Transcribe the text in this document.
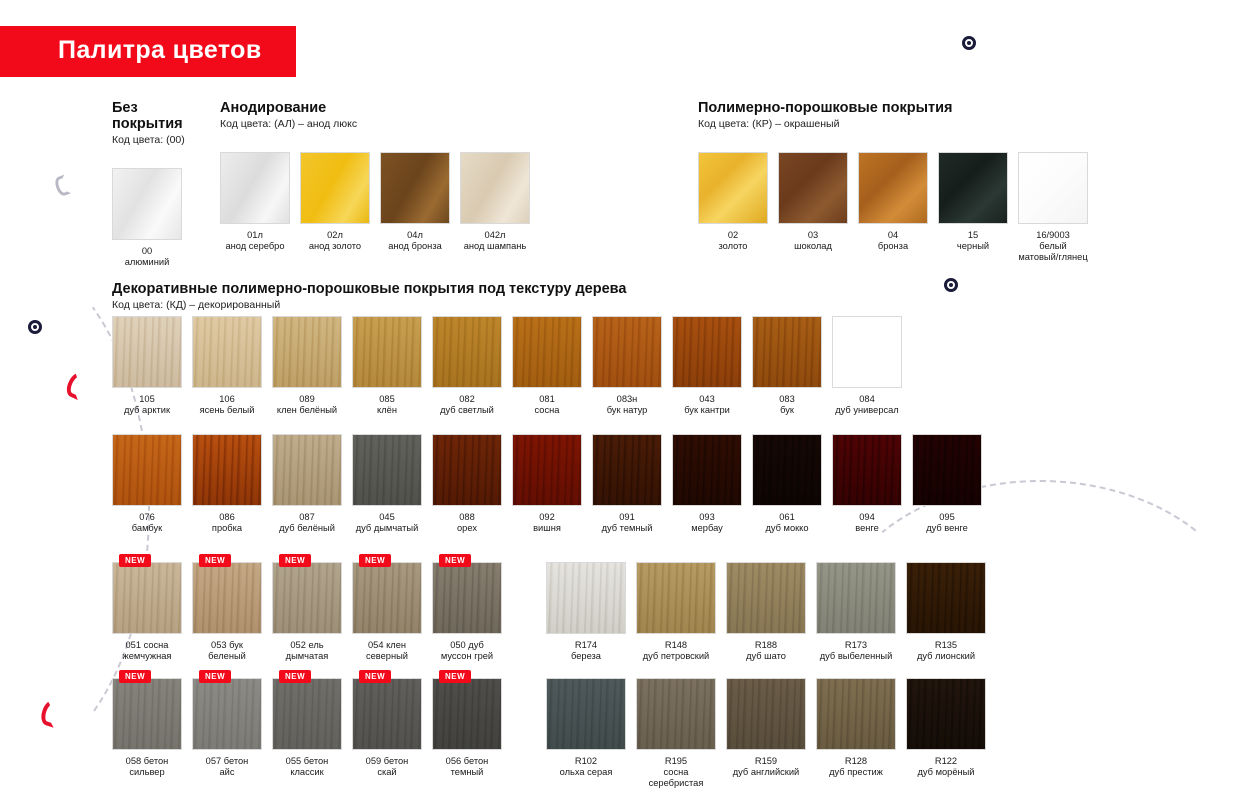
Палитра цветов
Без покрытия
Код цвета: (00)
00
алюминий
Анодирование
Код цвета: (АЛ) – анод люкс
01л
анод серебро
02л
анод золото
04л
анод бронза
042л
анод шампань
Полимерно-порошковые покрытия
Код цвета: (КР) – окрашеный
02
золото
03
шоколад
04
бронза
15
черный
16/9003
белый
матовый/глянец
Декоративные полимерно-порошковые покрытия под текстуру дерева
Код цвета: (КД) – декорированный
105
дуб арктик
106
ясень белый
089
клен белёный
085
клён
082
дуб светлый
081
сосна
083н
бук натур
043
бук кантри
083
бук
084
дуб универсал
076
бамбук
086
пробка
087
дуб белёный
045
дуб дымчатый
088
орех
092
вишня
091
дуб темный
093
мербау
061
дуб мокко
094
венге
095
дуб венге
NEW
051 сосна
жемчужная
NEW
053 бук
беленый
NEW
052 ель
дымчатая
NEW
054 клен
северный
NEW
050 дуб
муссон грей
NEW
058 бетон
сильвер
NEW
057 бетон
айс
NEW
055 бетон
классик
NEW
059 бетон
скай
NEW
056 бетон
темный
R174
береза
R148
дуб петровский
R188
дуб шато
R173
дуб выбеленный
R135
дуб лионский
R102
ольха серая
R195
сосна серебристая
R159
дуб английский
R128
дуб престиж
R122
дуб морёный
